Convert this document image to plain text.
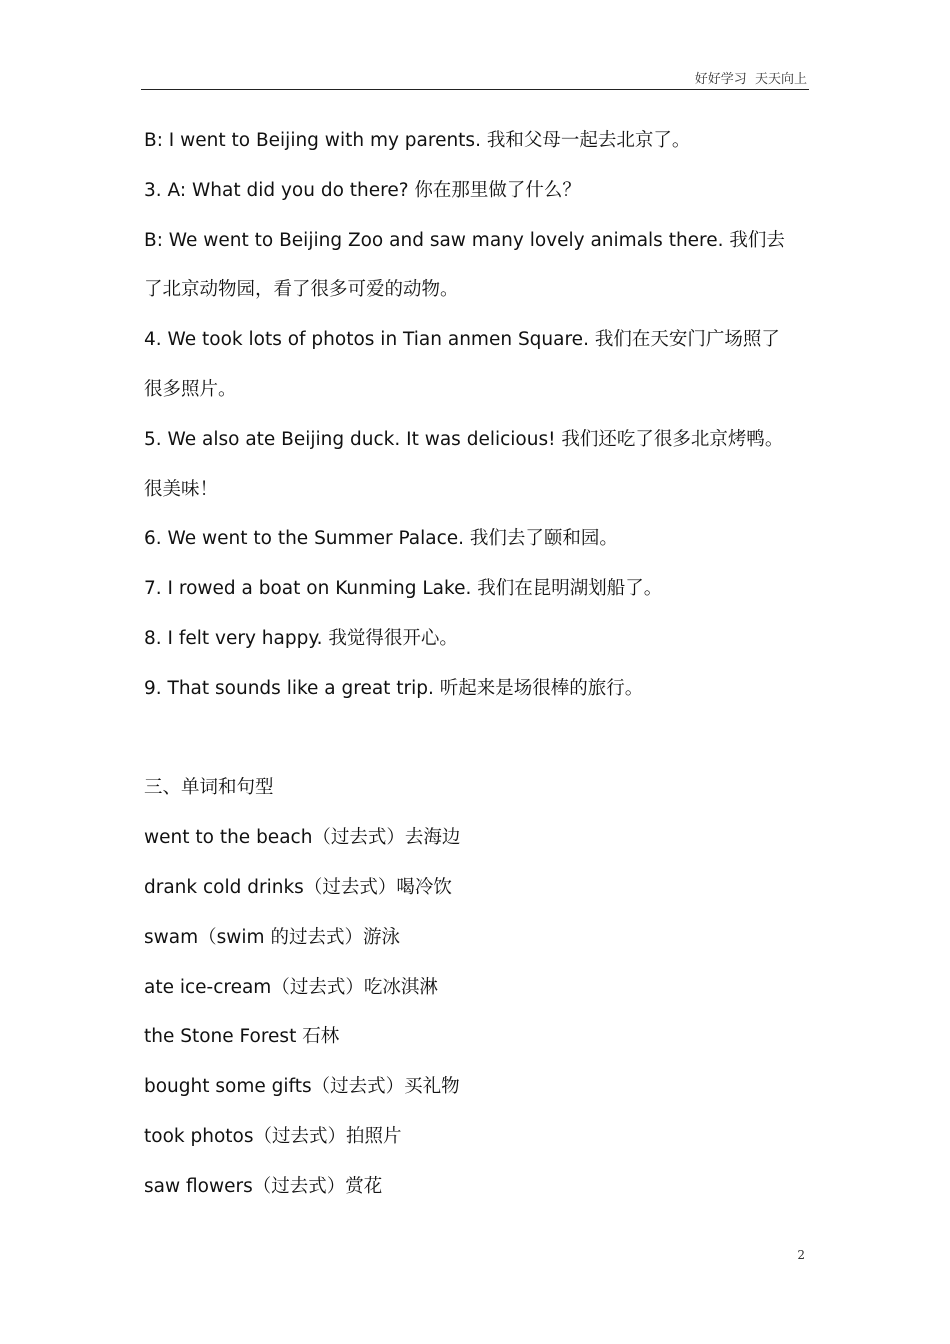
好好学习  天天向上
B: I went to Beijing with my parents. 我和父母一起去北京了。
3. A: What did you do there? 你在那里做了什么？
B: We went to Beijing Zoo and saw many lovely animals there. 我们去
了北京动物园，看了很多可爱的动物。
4. We took lots of photos in Tian anmen Square. 我们在天安门广场照了
很多照片。
5. We also ate Beijing duck. It was delicious! 我们还吃了很多北京烤鸭。
很美味！
6. We went to the Summer Palace. 我们去了颐和园。
7. I rowed a boat on Kunming Lake. 我们在昆明湖划船了。
8. I felt very happy. 我觉得很开心。
9. That sounds like a great trip. 听起来是场很棒的旅行。
三、单词和句型
went to the beach（过去式）去海边
drank cold drinks（过去式）喝冷饮
swam（swim 的过去式）游泳
ate ice-cream（过去式）吃冰淇淋
the Stone Forest 石林
bought some gifts（过去式）买礼物
took photos（过去式）拍照片
saw flowers（过去式）赏花
2
